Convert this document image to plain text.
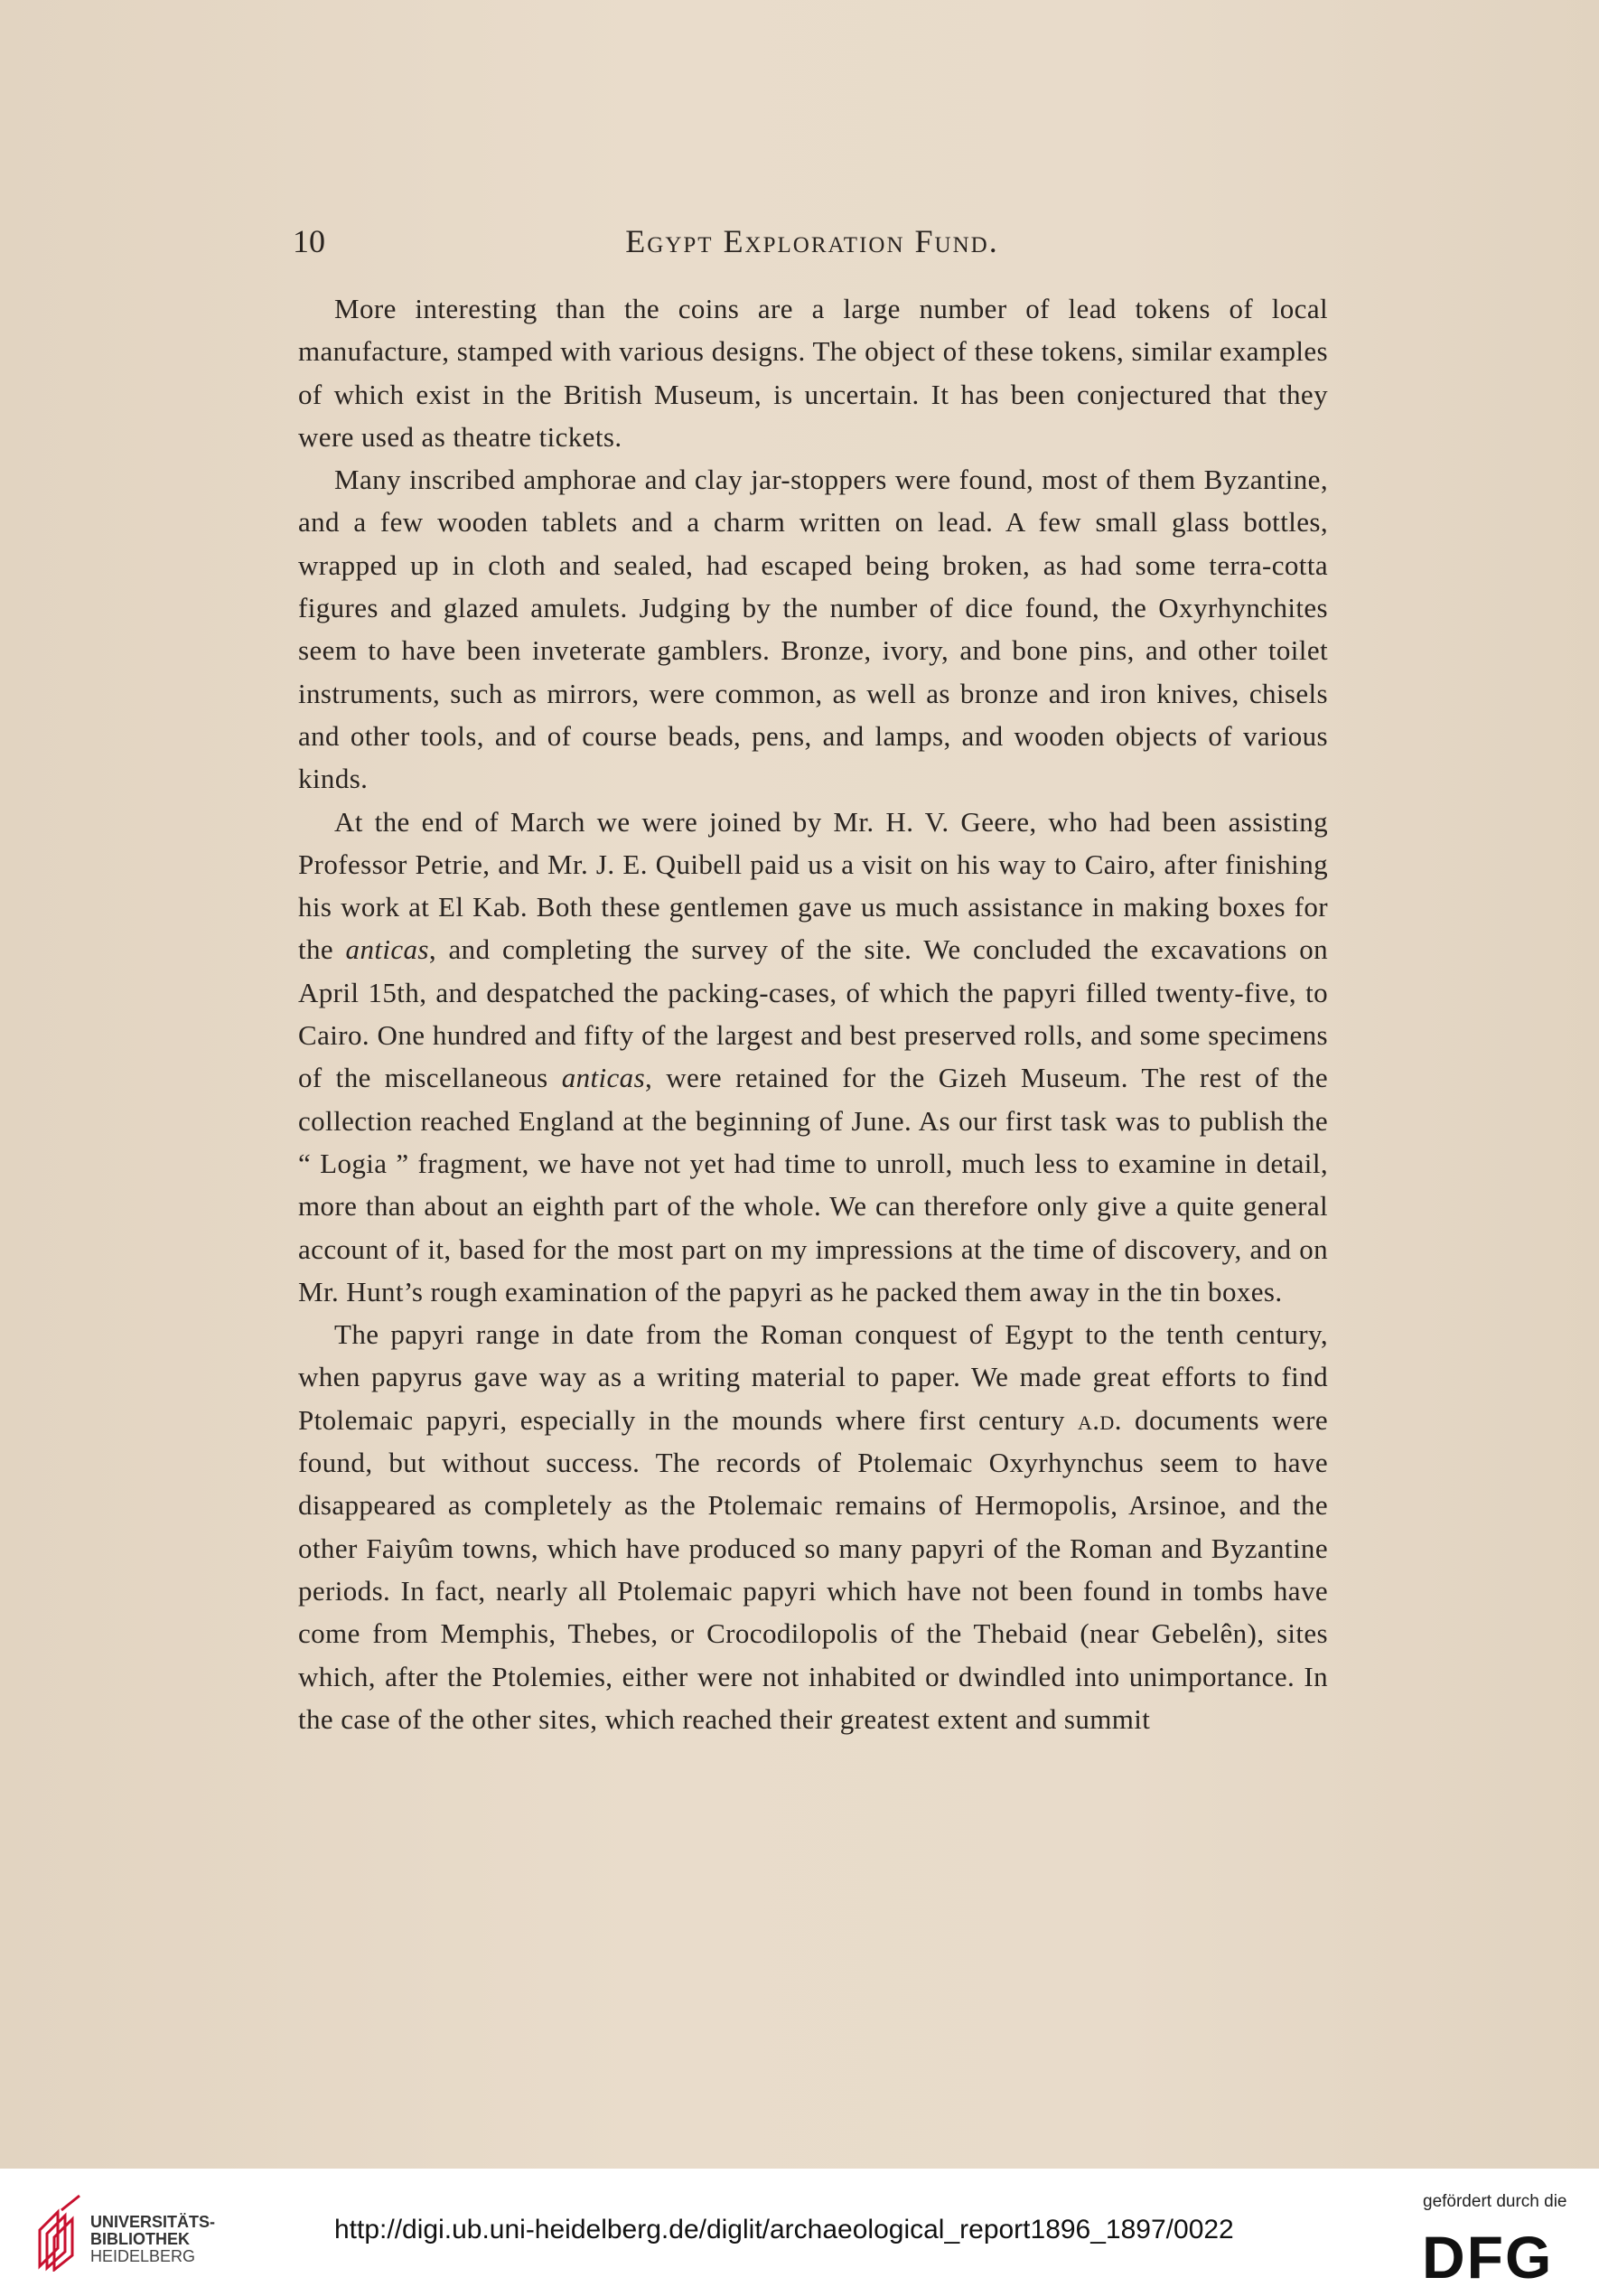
10	Egypt Exploration Fund.

More interesting than the coins are a large number of lead tokens of local manufacture, stamped with various designs. The object of these tokens, similar examples of which exist in the British Museum, is uncertain. It has been conjectured that they were used as theatre tickets.

Many inscribed amphorae and clay jar-stoppers were found, most of them Byzantine, and a few wooden tablets and a charm written on lead. A few small glass bottles, wrapped up in cloth and sealed, had escaped being broken, as had some terra-cotta figures and glazed amulets. Judging by the number of dice found, the Oxyrhynchites seem to have been inveterate gamblers. Bronze, ivory, and bone pins, and other toilet instruments, such as mirrors, were common, as well as bronze and iron knives, chisels and other tools, and of course beads, pens, and lamps, and wooden objects of various kinds.

At the end of March we were joined by Mr. H. V. Geere, who had been assisting Professor Petrie, and Mr. J. E. Quibell paid us a visit on his way to Cairo, after finishing his work at El Kab. Both these gentlemen gave us much assistance in making boxes for the anticas, and completing the survey of the site. We concluded the excavations on April 15th, and despatched the packing-cases, of which the papyri filled twenty-five, to Cairo. One hundred and fifty of the largest and best preserved rolls, and some specimens of the miscellaneous anticas, were retained for the Gizeh Museum. The rest of the collection reached England at the beginning of June. As our first task was to publish the “ Logia ” fragment, we have not yet had time to unroll, much less to examine in detail, more than about an eighth part of the whole. We can therefore only give a quite general account of it, based for the most part on my impressions at the time of discovery, and on Mr. Hunt’s rough examination of the papyri as he packed them away in the tin boxes.

The papyri range in date from the Roman conquest of Egypt to the tenth century, when papyrus gave way as a writing material to paper. We made great efforts to find Ptolemaic papyri, especially in the mounds where first century a.d. documents were found, but without success. The records of Ptolemaic Oxyrhynchus seem to have disappeared as completely as the Ptolemaic remains of Hermopolis, Arsinoe, and the other Faiyûm towns, which have produced so many papyri of the Roman and Byzantine periods. In fact, nearly all Ptolemaic papyri which have not been found in tombs have come from Memphis, Thebes, or Crocodilopolis of the Thebaid (near Gebelên), sites which, after the Ptolemies, either were not inhabited or dwindled into unimportance. In the case of the other sites, which reached their greatest extent and summit

UNIVERSITÄTS-
BIBLIOTHEK
HEIDELBERG
http://digi.ub.uni-heidelberg.de/diglit/archaeological_report1896_1897/0022
gefördert durch die
DFG
